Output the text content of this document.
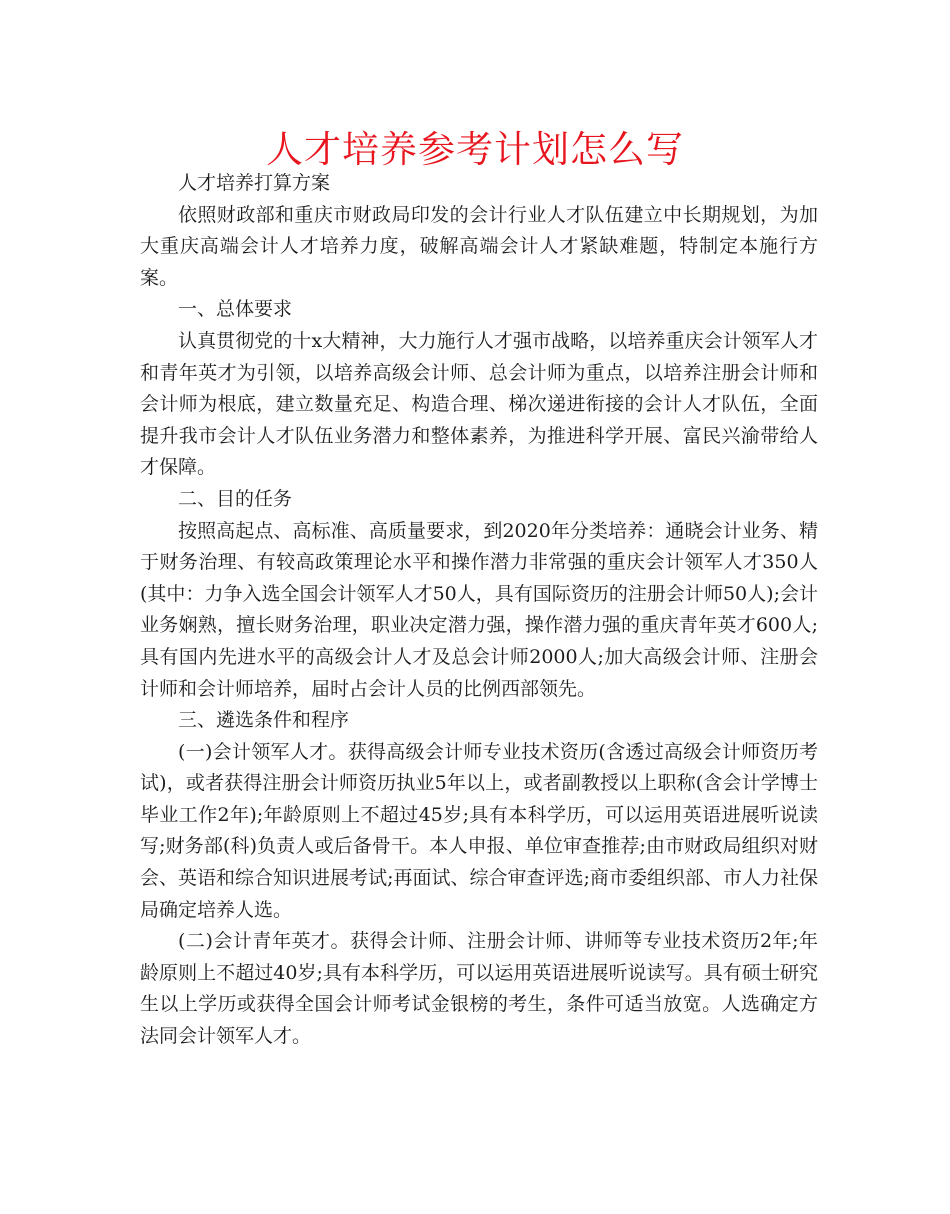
人才培养参考计划怎么写

人才培养打算方案

依照财政部和重庆市财政局印发的会计行业人才队伍建立中长期规划，为加大重庆高端会计人才培养力度，破解高端会计人才紧缺难题，特制定本施行方案。

一、总体要求

认真贯彻党的十x大精神，大力施行人才强市战略，以培养重庆会计领军人才和青年英才为引领，以培养高级会计师、总会计师为重点，以培养注册会计师和会计师为根底，建立数量充足、构造合理、梯次递进衔接的会计人才队伍，全面提升我市会计人才队伍业务潜力和整体素养，为推进科学开展、富民兴渝带给人才保障。

二、目的任务

按照高起点、高标准、高质量要求，到2020年分类培养：通晓会计业务、精于财务治理、有较高政策理论水平和操作潜力非常强的重庆会计领军人才350人(其中：力争入选全国会计领军人才50人，具有国际资历的注册会计师50人);会计业务娴熟，擅长财务治理，职业决定潜力强，操作潜力强的重庆青年英才600人;具有国内先进水平的高级会计人才及总会计师2000人;加大高级会计师、注册会计师和会计师培养，届时占会计人员的比例西部领先。

三、遴选条件和程序

(一)会计领军人才。获得高级会计师专业技术资历(含透过高级会计师资历考试)，或者获得注册会计师资历执业5年以上，或者副教授以上职称(含会计学博士毕业工作2年);年龄原则上不超过45岁;具有本科学历，可以运用英语进展听说读写;财务部(科)负责人或后备骨干。本人申报、单位审查推荐;由市财政局组织对财会、英语和综合知识进展考试;再面试、综合审查评选;商市委组织部、市人力社保局确定培养人选。

(二)会计青年英才。获得会计师、注册会计师、讲师等专业技术资历2年;年龄原则上不超过40岁;具有本科学历，可以运用英语进展听说读写。具有硕士研究生以上学历或获得全国会计师考试金银榜的考生，条件可适当放宽。人选确定方法同会计领军人才。
